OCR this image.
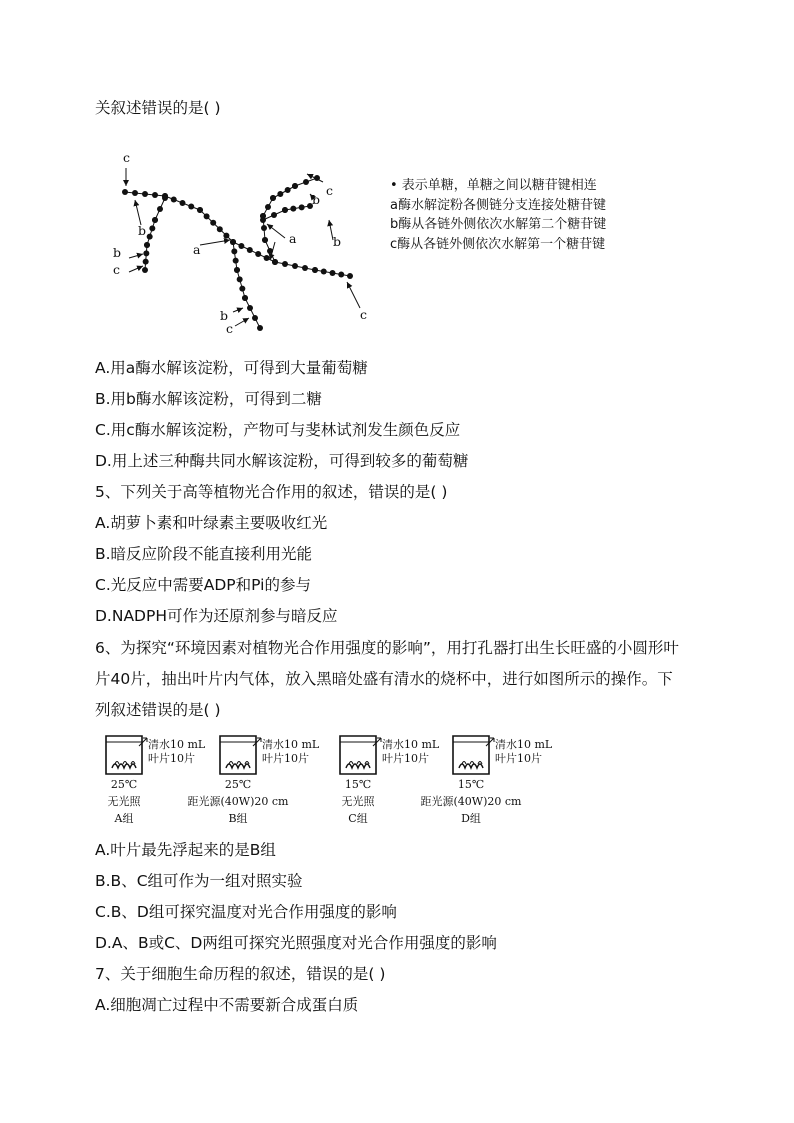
关叙述错误的是( )
c
b
a
b
c
a
c
b
b
c
b
c
• 表示单糖，单糖之间以糖苷键相连
a酶水解淀粉各侧链分支连接处糖苷键
b酶从各链外侧依次水解第二个糖苷键
c酶从各链外侧依次水解第一个糖苷键
A.用a酶水解该淀粉，可得到大量葡萄糖
B.用b酶水解该淀粉，可得到二糖
C.用c酶水解该淀粉，产物可与斐林试剂发生颜色反应
D.用上述三种酶共同水解该淀粉，可得到较多的葡萄糖
5、下列关于高等植物光合作用的叙述，错误的是( )
A.胡萝卜素和叶绿素主要吸收红光
B.暗反应阶段不能直接利用光能
C.光反应中需要ADP和Pi的参与
D.NADPH可作为还原剂参与暗反应
6、为探究“环境因素对植物光合作用强度的影响”，用打孔器打出生长旺盛的小圆形叶
片40片，抽出叶片内气体，放入黑暗处盛有清水的烧杯中，进行如图所示的操作。下
列叙述错误的是( )
清水10 mL
叶片10片
25℃
无光照
A组
清水10 mL
叶片10片
25℃
距光源(40W)20 cm
B组
清水10 mL
叶片10片
15℃
无光照
C组
清水10 mL
叶片10片
15℃
距光源(40W)20 cm
D组
A.叶片最先浮起来的是B组
B.B、C组可作为一组对照实验
C.B、D组可探究温度对光合作用强度的影响
D.A、B或C、D两组可探究光照强度对光合作用强度的影响
7、关于细胞生命历程的叙述，错误的是( )
A.细胞凋亡过程中不需要新合成蛋白质
